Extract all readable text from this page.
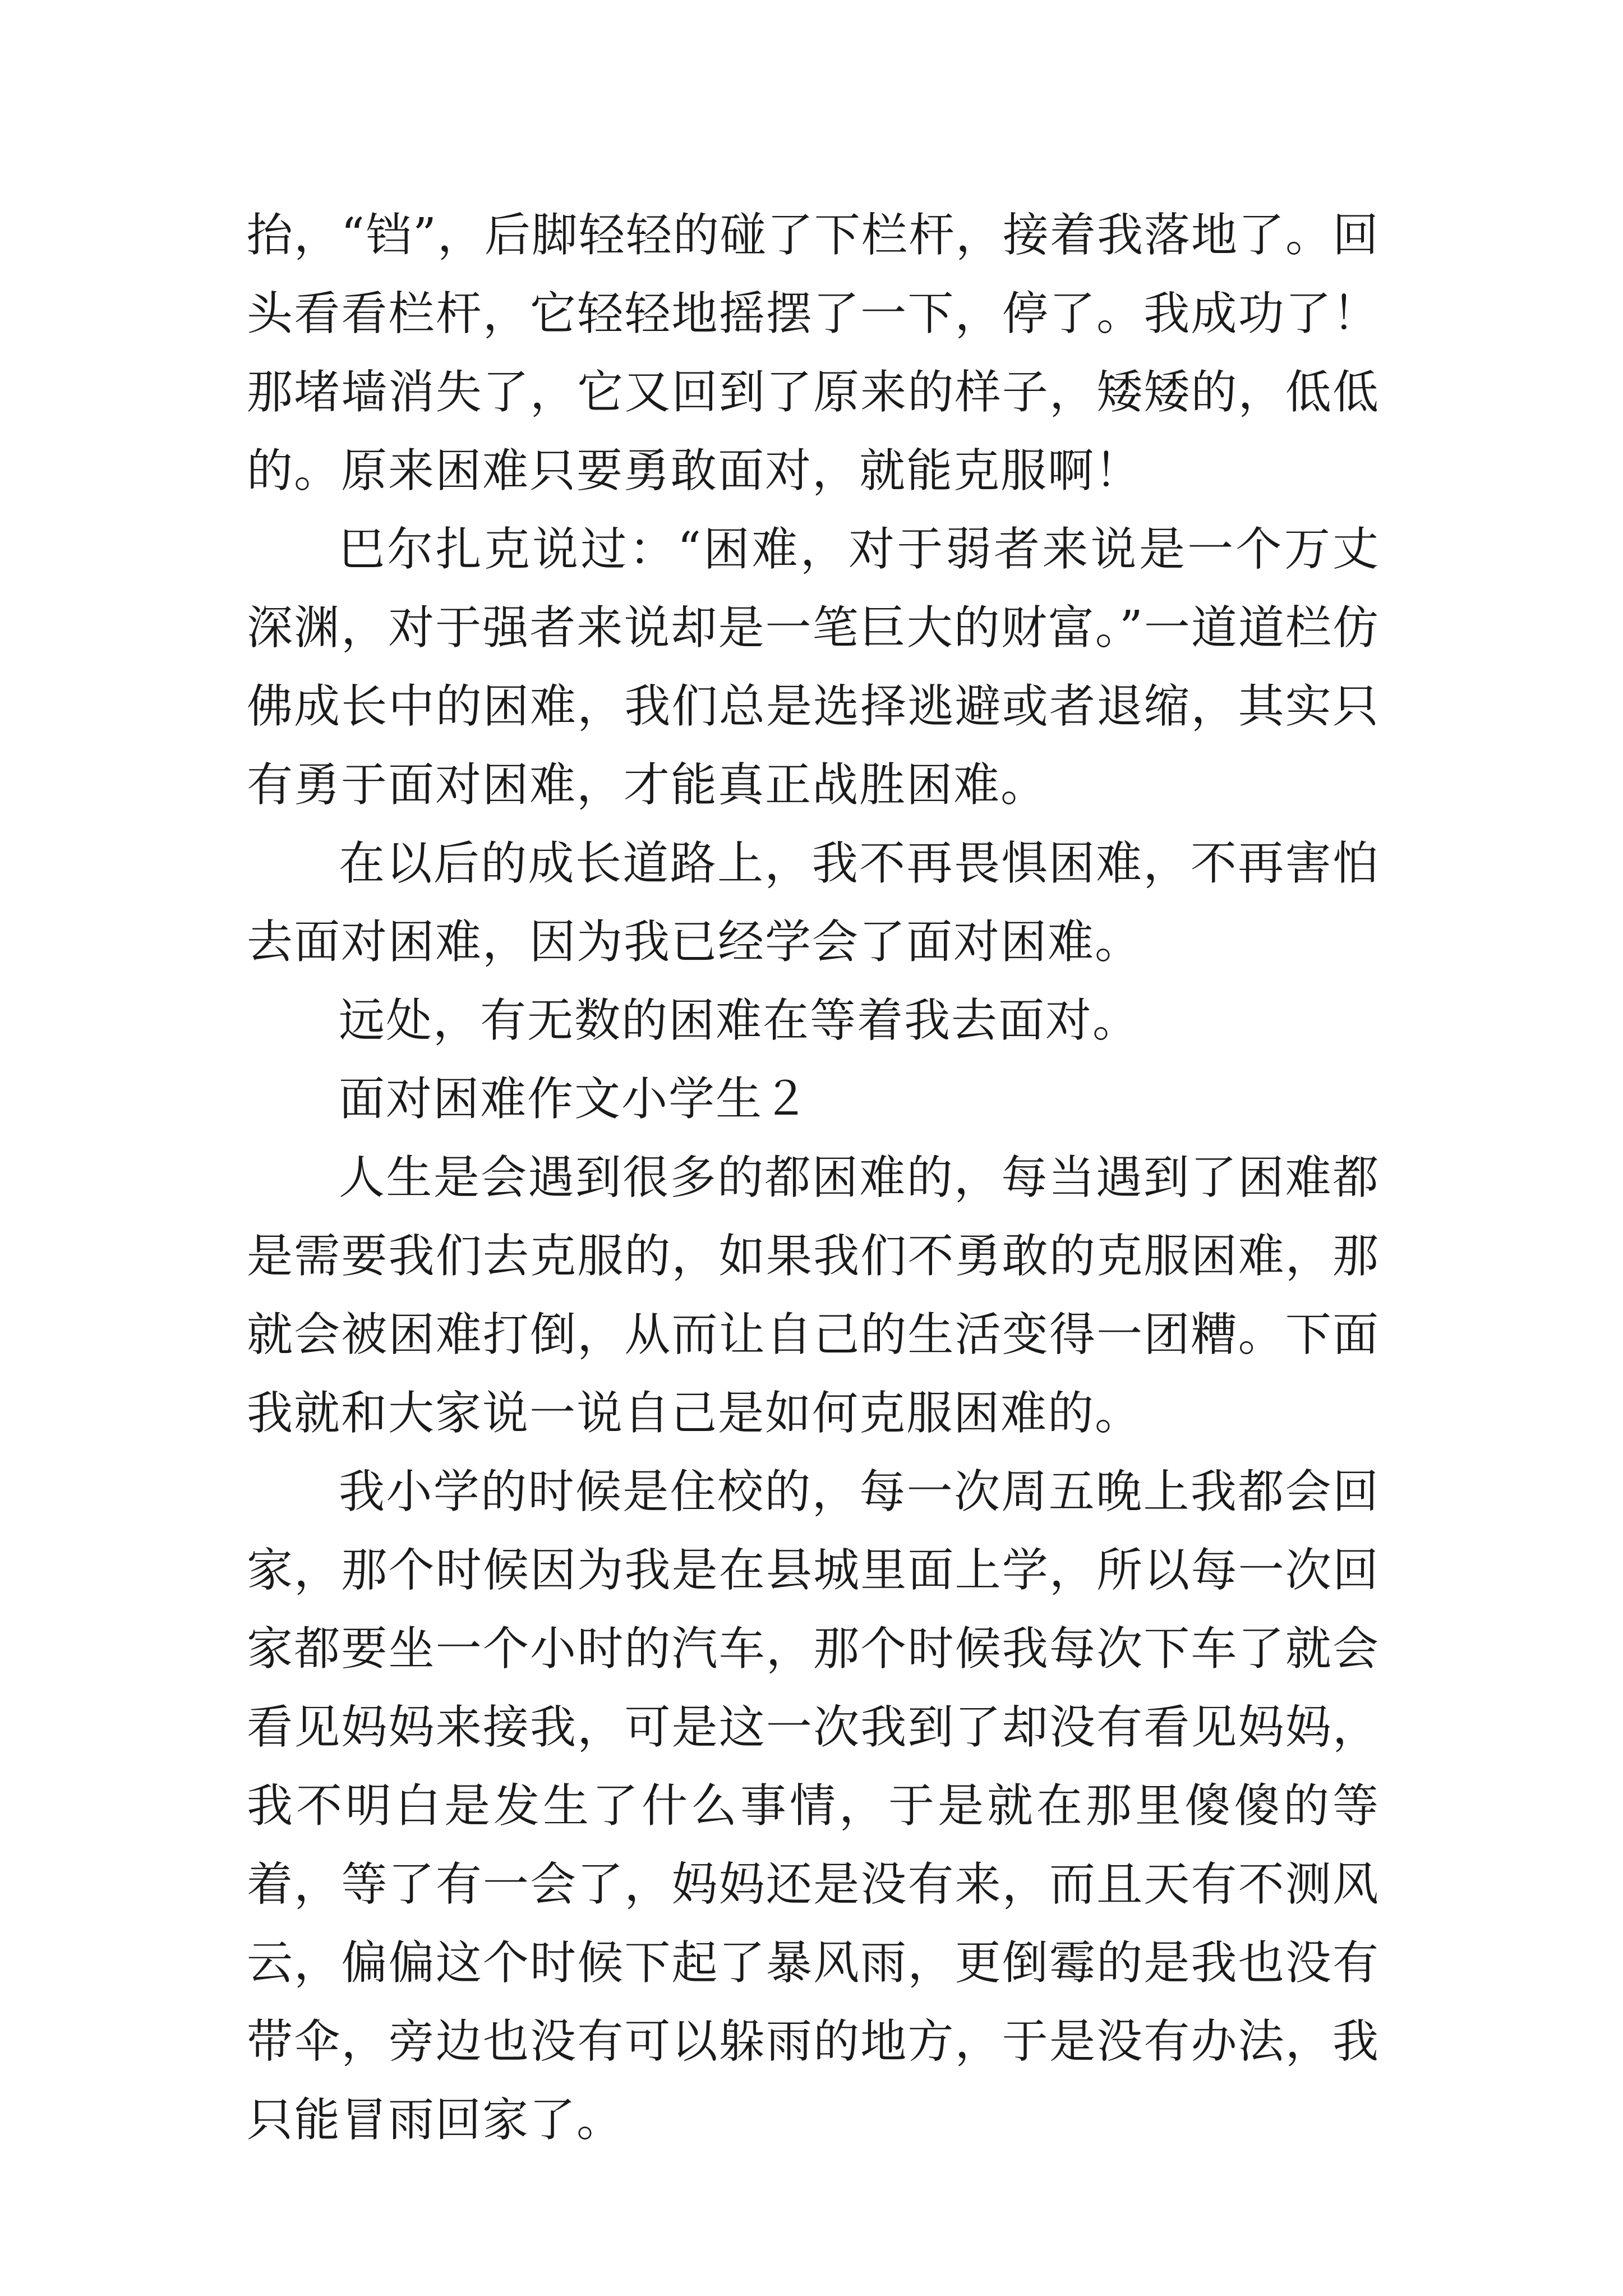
抬，“铛”，后脚轻轻的碰了下栏杆，接着我落地了。回头看看栏杆，它轻轻地摇摆了一下，停了。我成功了！那堵墙消失了，它又回到了原来的样子，矮矮的，低低的。原来困难只要勇敢面对，就能克服啊！

巴尔扎克说过：“困难，对于弱者来说是一个万丈深渊，对于强者来说却是一笔巨大的财富。”一道道栏仿佛成长中的困难，我们总是选择逃避或者退缩，其实只有勇于面对困难，才能真正战胜困难。

在以后的成长道路上，我不再畏惧困难，不再害怕去面对困难，因为我已经学会了面对困难。

远处，有无数的困难在等着我去面对。

面对困难作文小学生２

人生是会遇到很多的都困难的，每当遇到了困难都是需要我们去克服的，如果我们不勇敢的克服困难，那就会被困难打倒，从而让自己的生活变得一团糟。下面我就和大家说一说自己是如何克服困难的。

我小学的时候是住校的，每一次周五晚上我都会回家，那个时候因为我是在县城里面上学，所以每一次回家都要坐一个小时的汽车，那个时候我每次下车了就会看见妈妈来接我，可是这一次我到了却没有看见妈妈，我不明白是发生了什么事情，于是就在那里傻傻的等着，等了有一会了，妈妈还是没有来，而且天有不测风云，偏偏这个时候下起了暴风雨，更倒霉的是我也没有带伞，旁边也没有可以躲雨的地方，于是没有办法，我只能冒雨回家了。
